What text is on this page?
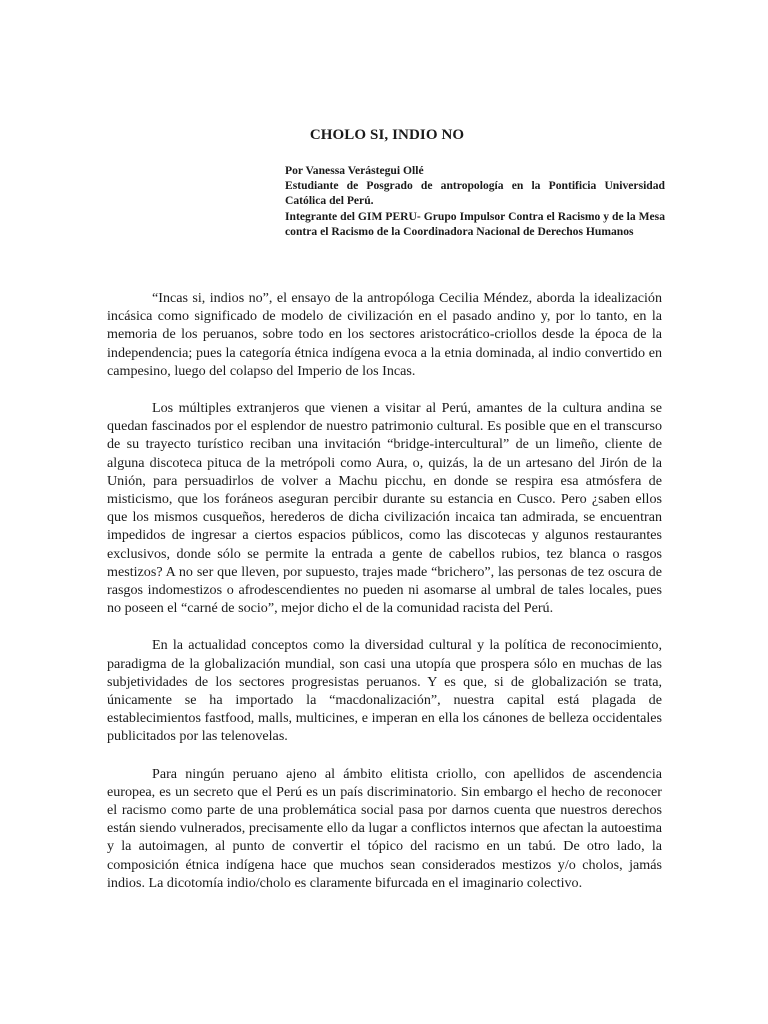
CHOLO SI, INDIO NO
Por Vanessa Verástegui Ollé
Estudiante de Posgrado de antropología en la Pontificia Universidad Católica del Perú.
Integrante del GIM PERU- Grupo Impulsor Contra el Racismo y de la Mesa contra el Racismo de la Coordinadora Nacional de Derechos Humanos

“Incas si, indios no”, el ensayo de la antropóloga Cecilia Méndez, aborda la idealización incásica como significado de modelo de civilización en el pasado andino y, por lo tanto, en la memoria de los peruanos, sobre todo en los sectores aristocrático-criollos desde la época de la independencia; pues la categoría étnica indígena evoca a la etnia dominada, al indio convertido en campesino, luego del colapso del Imperio de los Incas.

Los múltiples extranjeros que vienen a visitar al Perú, amantes de la cultura andina se quedan fascinados por el esplendor de nuestro patrimonio cultural. Es posible que en el transcurso de su trayecto turístico reciban una invitación “bridge-intercultural” de un limeño, cliente de alguna discoteca pituca de la metrópoli como Aura, o, quizás, la de un artesano del Jirón de la Unión, para persuadirlos de volver a Machu picchu, en donde se respira esa atmósfera de misticismo, que los foráneos aseguran percibir durante su estancia en Cusco. Pero ¿saben ellos que los mismos cusqueños, herederos de dicha civilización incaica tan admirada, se encuentran impedidos de ingresar a ciertos espacios públicos, como las discotecas y algunos restaurantes exclusivos, donde sólo se permite la entrada a gente de cabellos rubios, tez blanca o rasgos mestizos? A no ser que lleven, por supuesto, trajes made “brichero”, las personas de tez oscura de rasgos indomestizos o afrodescendientes no pueden ni asomarse al umbral de tales locales, pues no poseen el “carné de socio”, mejor dicho el de la comunidad racista del Perú.

En la actualidad conceptos como la diversidad cultural y la política de reconocimiento, paradigma de la globalización mundial, son casi una utopía que prospera sólo en muchas de las subjetividades de los sectores progresistas peruanos. Y es que, si de globalización se trata, únicamente se ha importado la “macdonalización”, nuestra capital está plagada de establecimientos fastfood, malls, multicines, e imperan en ella los cánones de belleza occidentales publicitados por las telenovelas.

Para ningún peruano ajeno al ámbito elitista criollo, con apellidos de ascendencia europea, es un secreto que el Perú es un país discriminatorio. Sin embargo el hecho de reconocer el racismo como parte de una problemática social pasa por darnos cuenta que nuestros derechos están siendo vulnerados, precisamente ello da lugar a conflictos internos que afectan la autoestima y la autoimagen, al punto de convertir el tópico del racismo en un tabú. De otro lado, la composición étnica indígena hace que muchos sean considerados mestizos y/o cholos, jamás indios. La dicotomía indio/cholo es claramente bifurcada en el imaginario colectivo.
